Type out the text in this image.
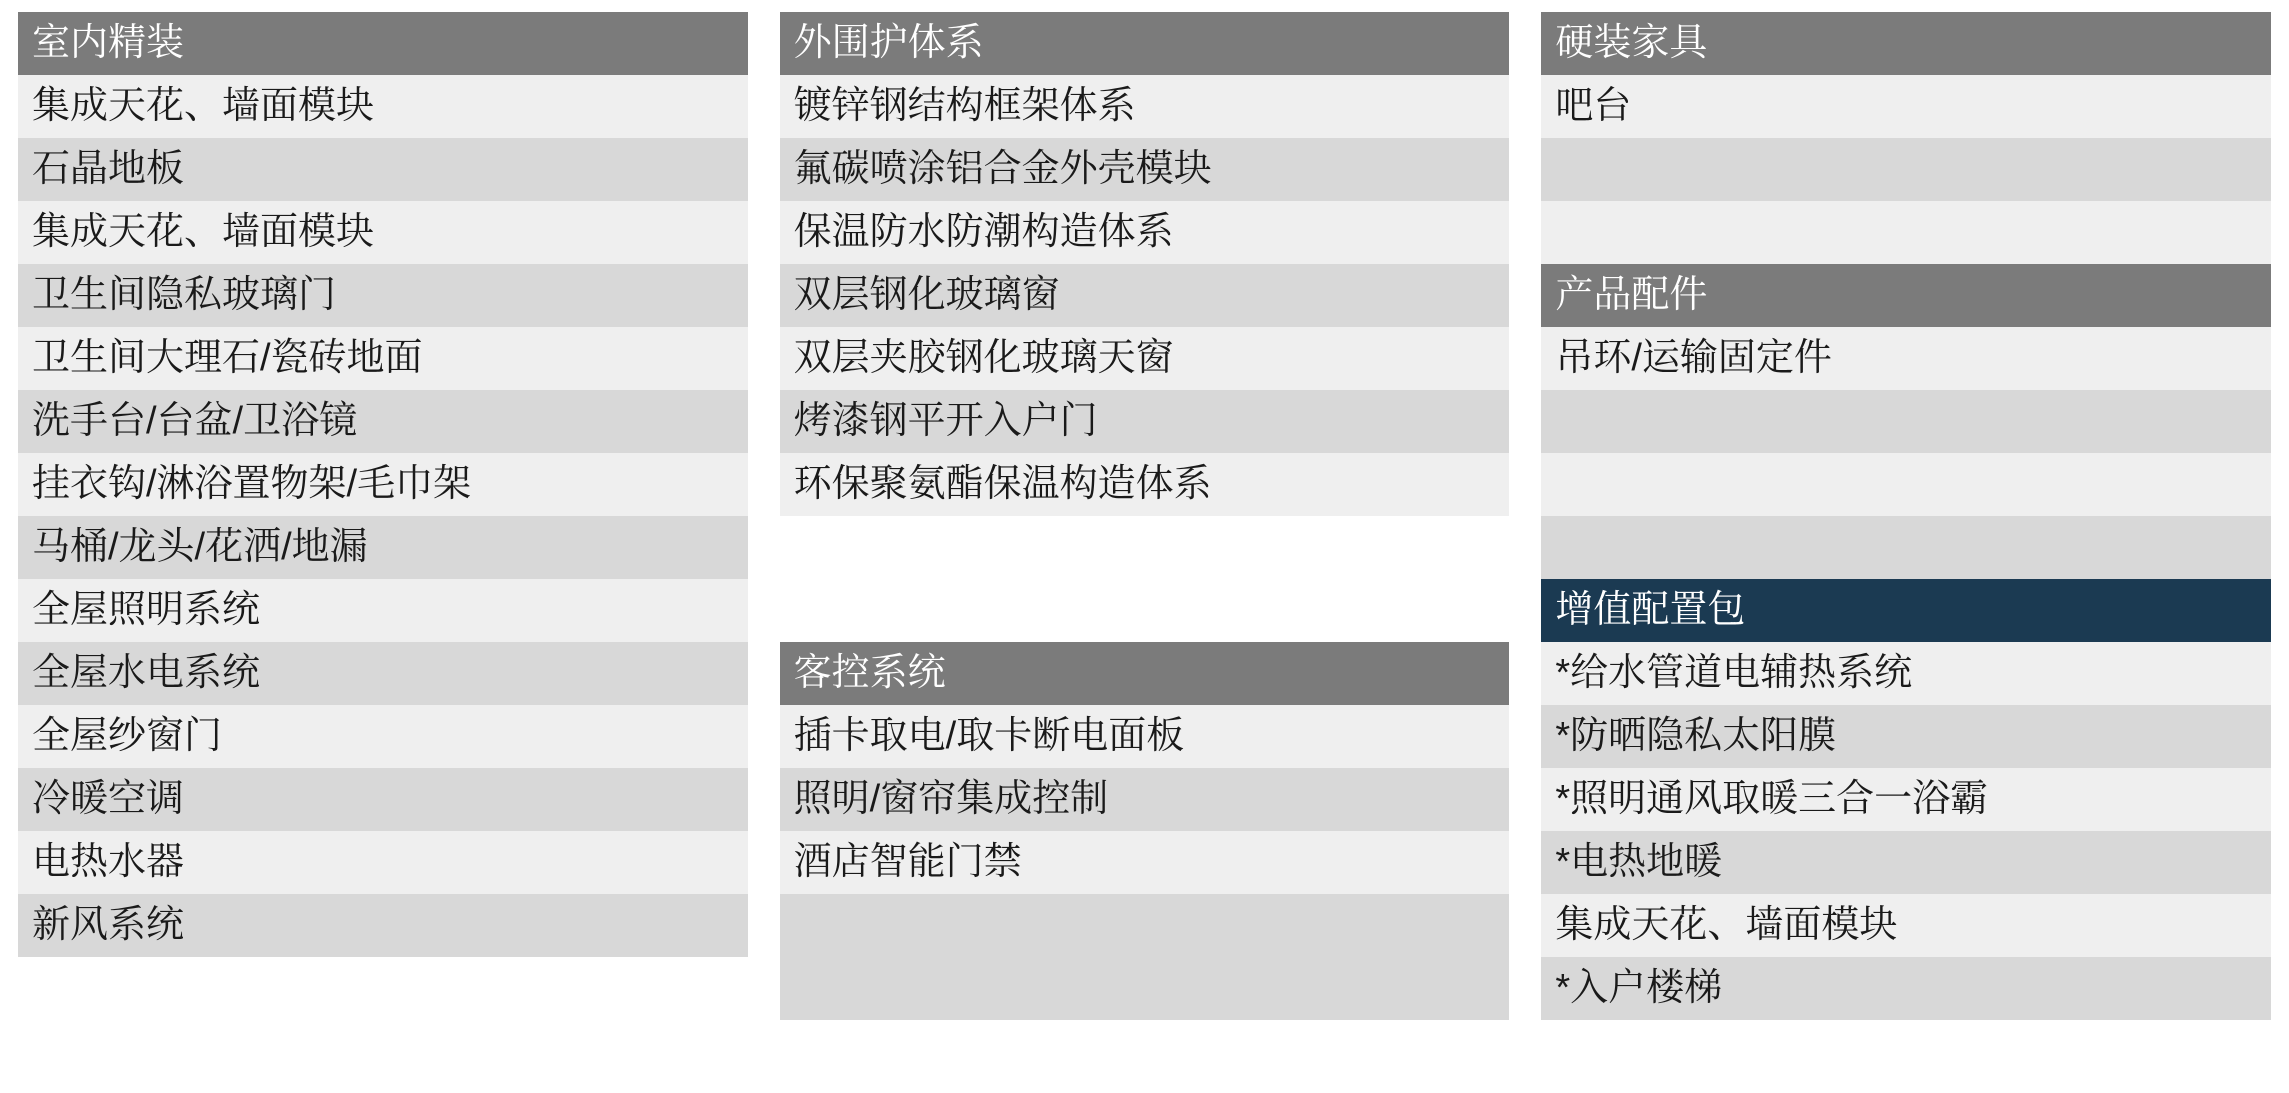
室内精装
集成天花、墙面模块
石晶地板
集成天花、墙面模块
卫生间隐私玻璃门
卫生间大理石/瓷砖地面
洗手台/台盆/卫浴镜
挂衣钩/淋浴置物架/毛巾架
马桶/龙头/花洒/地漏
全屋照明系统
全屋水电系统
全屋纱窗门
冷暖空调
电热水器
新风系统
外围护体系
镀锌钢结构框架体系
氟碳喷涂铝合金外壳模块
保温防水防潮构造体系
双层钢化玻璃窗
双层夹胶钢化玻璃天窗
烤漆钢平开入户门
环保聚氨酯保温构造体系
客控系统
插卡取电/取卡断电面板
照明/窗帘集成控制
酒店智能门禁
硬装家具
吧台
产品配件
吊环/运输固定件
增值配置包
*给水管道电辅热系统
*防晒隐私太阳膜
*照明通风取暖三合一浴霸
*电热地暖
集成天花、墙面模块
*入户楼梯
